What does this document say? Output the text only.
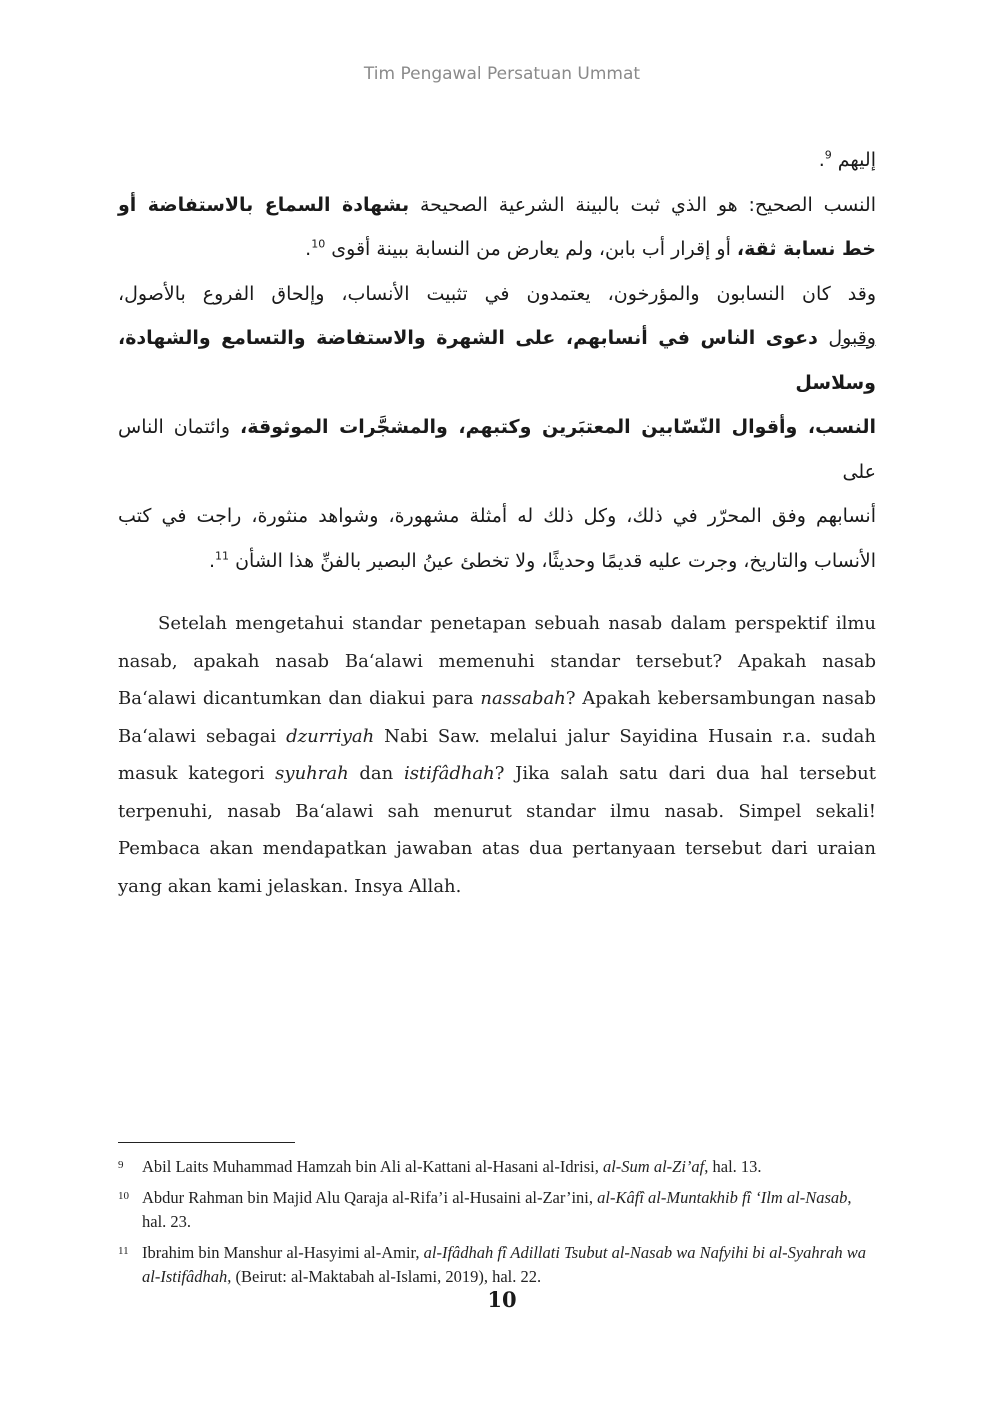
Tim Pengawal Persatuan Ummat
إليهم $^9$.
النسب الصحيح: هو الذي ثبت بالبينة الشرعية الصحيحة بشهادة السماع بالاستفاضة أو
خط نسابة ثقة، أو إقرار أب بابن، ولم يعارض من النسابة ببينة أقوى $^{10}$.
وقد كان النسابون والمؤرخون، يعتمدون في تثبيت الأنساب، وإلحاق الفروع بالأصول،
وقبول دعوى الناس في أنسابهم، على الشهرة والاستفاضة والتسامع والشهادة، وسلاسل
النسب، وأقوال النّسّابين المعتبَرين وكتبهم، والمشجَّرات الموثوقة، وائتمان الناس على
أنسابهم وفق المحرّر في ذلك، وكل ذلك له أمثلة مشهورة، وشواهد منثورة، راجت في كتب
الأنساب والتاريخ، وجرت عليه قديمًا وحديثًا، ولا تخطئ عينُ البصير بالفنِّ هذا الشأن $^{11}$.

Setelah mengetahui standar penetapan sebuah nasab dalam perspektif ilmu nasab, apakah nasab Ba‘alawi memenuhi standar tersebut? Apakah nasab Ba‘alawi dicantumkan dan diakui para nassabah? Apakah kebersambungan nasab Ba‘alawi sebagai dzurriyah Nabi Saw. melalui jalur Sayidina Husain r.a. sudah masuk kategori syuhrah dan istifâdhah? Jika salah satu dari dua hal tersebut terpenuhi, nasab Ba‘alawi sah menurut standar ilmu nasab. Simpel sekali! Pembaca akan mendapatkan jawaban atas dua pertanyaan tersebut dari uraian yang akan kami jelaskan. Insya Allah.

9 Abil Laits Muhammad Hamzah bin Ali al-Kattani al-Hasani al-Idrisi, al-Sum al-Zi’af, hal. 13.
10 Abdur Rahman bin Majid Alu Qaraja al-Rifa’i al-Husaini al-Zar’ini, al-Kâfî al-Muntakhib fî ‘Ilm al-Nasab, hal. 23.
11 Ibrahim bin Manshur al-Hasyimi al-Amir, al-Ifâdhah fî Adillati Tsubut al-Nasab wa Nafyihi bi al-Syahrah wa al-Istifâdhah, (Beirut: al-Maktabah al-Islami, 2019), hal. 22.
10
